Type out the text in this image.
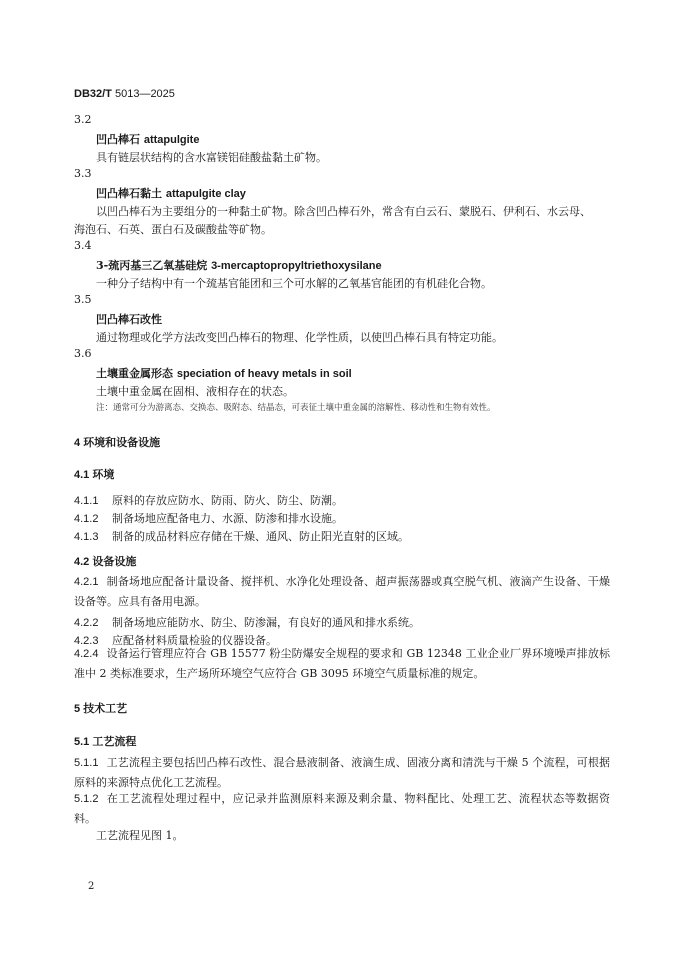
DB32/T 5013—2025
3.2
凹凸棒石 attapulgite
具有链层状结构的含水富镁铝硅酸盐黏土矿物。
3.3
凹凸棒石黏土 attapulgite clay
以凹凸棒石为主要组分的一种黏土矿物。除含凹凸棒石外，常含有白云石、蒙脱石、伊利石、水云母、
海泡石、石英、蛋白石及碳酸盐等矿物。
3.4
3-巯丙基三乙氧基硅烷 3-mercaptopropyltriethoxysilane
一种分子结构中有一个巯基官能团和三个可水解的乙氧基官能团的有机硅化合物。
3.5
凹凸棒石改性
通过物理或化学方法改变凹凸棒石的物理、化学性质，以使凹凸棒石具有特定功能。
3.6
土壤重金属形态 speciation of heavy metals in soil
土壤中重金属在固相、液相存在的状态。
注：通常可分为游离态、交换态、吸附态、结晶态，可表征土壤中重金属的溶解性、移动性和生物有效性。
4 环境和设备设施
4.1 环境
4.1.1 原料的存放应防水、防雨、防火、防尘、防潮。
4.1.2 制备场地应配备电力、水源、防渗和排水设施。
4.1.3 制备的成品材料应存储在干燥、通风、防止阳光直射的区域。
4.2 设备设施
4.2.1 制备场地应配备计量设备、搅拌机、水净化处理设备、超声振荡器或真空脱气机、液滴产生设备、干燥设备等。应具有备用电源。
4.2.2 制备场地应能防水、防尘、防渗漏，有良好的通风和排水系统。
4.2.3 应配备材料质量检验的仪器设备。
4.2.4 设备运行管理应符合 GB 15577 粉尘防爆安全规程的要求和 GB 12348 工业企业厂界环境噪声排放标准中 2 类标准要求，生产场所环境空气应符合 GB 3095 环境空气质量标准的规定。
5 技术工艺
5.1 工艺流程
5.1.1 工艺流程主要包括凹凸棒石改性、混合悬液制备、液滴生成、固液分离和清洗与干燥 5 个流程，可根据原料的来源特点优化工艺流程。
5.1.2 在工艺流程处理过程中，应记录并监测原料来源及剩余量、物料配比、处理工艺、流程状态等数据资料。
工艺流程见图 1。
2
